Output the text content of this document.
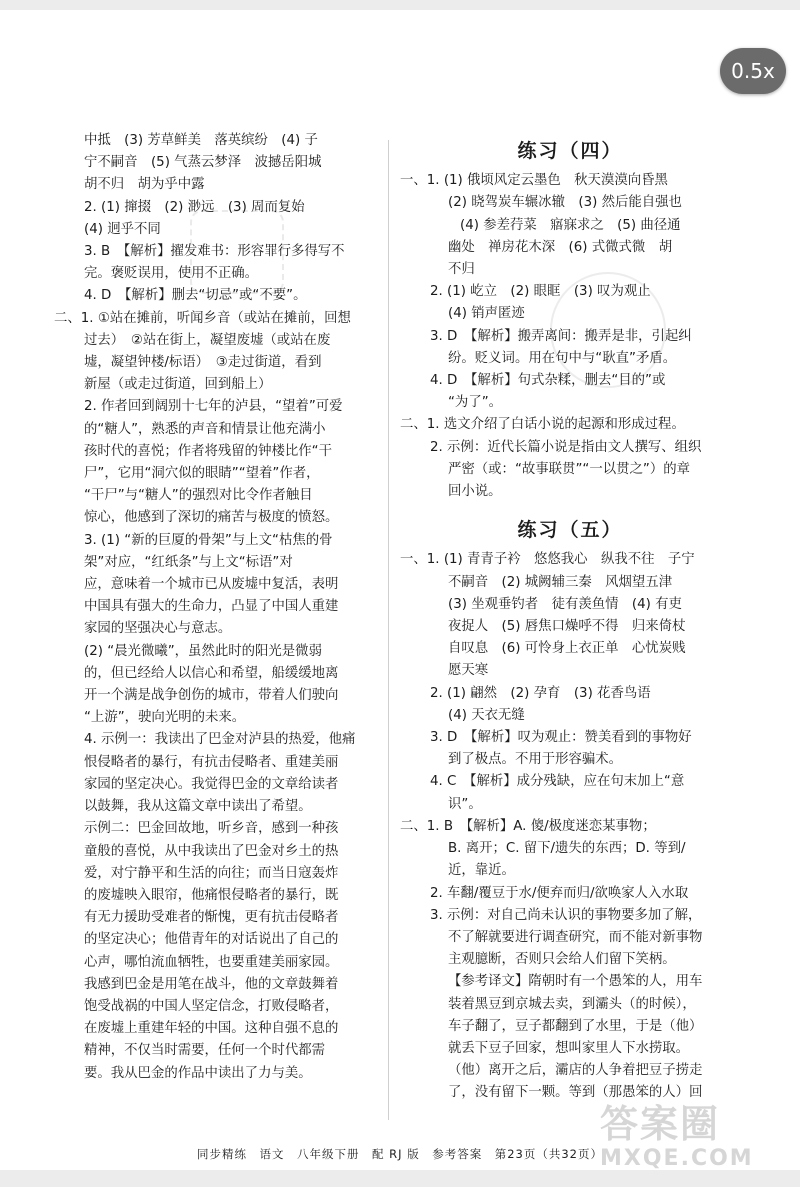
中抵　(3) 芳草鲜美　落英缤纷　(4) 子
宁不嗣音　(5) 气蒸云梦泽　波撼岳阳城
胡不归　胡为乎中露
2. (1) 撺掇　(2) 渺远　(3) 周而复始
(4) 迥乎不同
3. B　【解析】擢发难书：形容罪行多得写不
完。褒贬误用，使用不正确。
4. D　【解析】删去“切忌”或“不要”。
二、1. ①站在摊前，听闻乡音（或站在摊前，回想
过去）　②站在街上，凝望废墟（或站在废
墟，凝望钟楼/标语）　③走过街道，看到
新屋（或走过街道，回到船上）
2. 作者回到阔别十七年的泸县，“望着”可爱
的“糖人”，熟悉的声音和情景让他充满小
孩时代的喜悦；作者将残留的钟楼比作“干
尸”，它用“洞穴似的眼睛”“望着”作者，
“干尸”与“糖人”的强烈对比令作者触目
惊心，他感到了深切的痛苦与极度的愤怒。
3. (1) “新的巨厦的骨架”与上文“枯焦的骨
架”对应，“红纸条”与上文“标语”对
应，意味着一个城市已从废墟中复活，表明
中国具有强大的生命力，凸显了中国人重建
家园的坚强决心与意志。
(2) “晨光微曦”，虽然此时的阳光是微弱
的，但已经给人以信心和希望，船缓缓地离
开一个满是战争创伤的城市，带着人们驶向
“上游”，驶向光明的未来。
4. 示例一：我读出了巴金对泸县的热爱，他痛
恨侵略者的暴行，有抗击侵略者、重建美丽
家园的坚定决心。我觉得巴金的文章给读者
以鼓舞，我从这篇文章中读出了希望。
示例二：巴金回故地，听乡音，感到一种孩
童般的喜悦，从中我读出了巴金对乡土的热
爱，对宁静平和生活的向往；而当日寇轰炸
的废墟映入眼帘，他痛恨侵略者的暴行，既
有无力援助受难者的惭愧，更有抗击侵略者
的坚定决心；他借青年的对话说出了自己的
心声，哪怕流血牺牲，也要重建美丽家园。
我感到巴金是用笔在战斗，他的文章鼓舞着
饱受战祸的中国人坚定信念，打败侵略者，
在废墟上重建年轻的中国。这种自强不息的
精神，不仅当时需要，任何一个时代都需
要。我从巴金的作品中读出了力与美。
练习（四）
一、1. (1) 俄顷风定云墨色　秋天漠漠向昏黑
(2) 晓驾炭车辗冰辙　(3) 然后能自强也
(4) 参差荇菜　寤寐求之　(5) 曲径通
幽处　禅房花木深　(6) 式微式微　胡
不归
2. (1) 屹立　(2) 眼眶　(3) 叹为观止
(4) 销声匿迹
3. D　【解析】搬弄离间：搬弄是非，引起纠
纷。贬义词。用在句中与“耿直”矛盾。
4. D　【解析】句式杂糅，删去“目的”或
“为了”。
二、1. 选文介绍了白话小说的起源和形成过程。
2. 示例：近代长篇小说是指由文人撰写、组织
严密（或：“故事联贯”“一以贯之”）的章
回小说。
练习（五）
一、1. (1) 青青子衿　悠悠我心　纵我不往　子宁
不嗣音　(2) 城阙辅三秦　风烟望五津
(3) 坐观垂钓者　徒有羡鱼情　(4) 有吏
夜捉人　(5) 唇焦口燥呼不得　归来倚杖
自叹息　(6) 可怜身上衣正单　心忧炭贱
愿天寒
2. (1) 翩然　(2) 孕育　(3) 花香鸟语
(4) 天衣无缝
3. D　【解析】叹为观止：赞美看到的事物好
到了极点。不用于形容骗术。
4. C　【解析】成分残缺，应在句末加上“意
识”。
二、1. B　【解析】A. 傻/极度迷恋某事物；
B. 离开；C. 留下/遗失的东西；D. 等到/
近，靠近。
2. 车翻/覆豆于水/便弃而归/欲唤家人入水取
3. 示例：对自己尚未认识的事物要多加了解，
不了解就要进行调查研究，而不能对新事物
主观臆断，否则只会给人们留下笑柄。
【参考译文】隋朝时有一个愚笨的人，用车
装着黑豆到京城去卖，到灞头（的时候），
车子翻了，豆子都翻到了水里，于是（他）
就丢下豆子回家，想叫家里人下水捞取。
（他）离开之后，灞店的人争着把豆子捞走
了，没有留下一颗。等到（那愚笨的人）回
同步精练　语文　八年级下册　配 RJ 版　参考答案　第23页（共32页）
答案圈
MXQE.COM
0.5x
